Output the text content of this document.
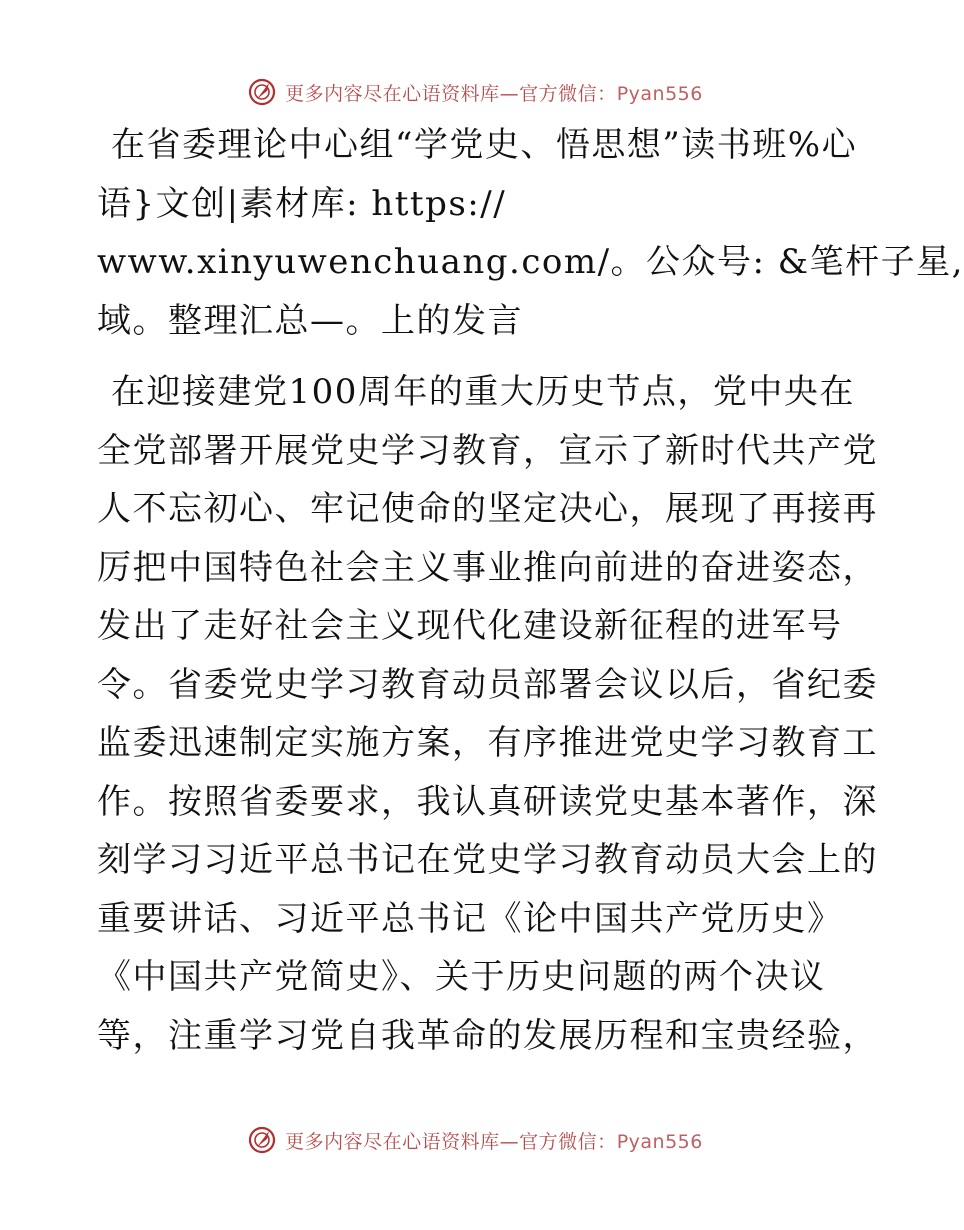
更多内容尽在心语资料库—官方微信：Pyan556
在省委理论中心组“学党史、悟思想”读书班%心
语}文创|素材库: https://
www.xinyuwenchuang.com/。公众号: &笔杆子星,
域。整理汇总—。上的发言
在迎接建党100周年的重大历史节点，党中央在
全党部署开展党史学习教育，宣示了新时代共产党
人不忘初心、牢记使命的坚定决心，展现了再接再
厉把中国特色社会主义事业推向前进的奋进姿态，
发出了走好社会主义现代化建设新征程的进军号
令。省委党史学习教育动员部署会议以后，省纪委
监委迅速制定实施方案，有序推进党史学习教育工
作。按照省委要求，我认真研读党史基本著作，深
刻学习习近平总书记在党史学习教育动员大会上的
重要讲话、习近平总书记《论中国共产党历史》
《中国共产党简史》、关于历史问题的两个决议
等，注重学习党自我革命的发展历程和宝贵经验，
更多内容尽在心语资料库—官方微信：Pyan556
